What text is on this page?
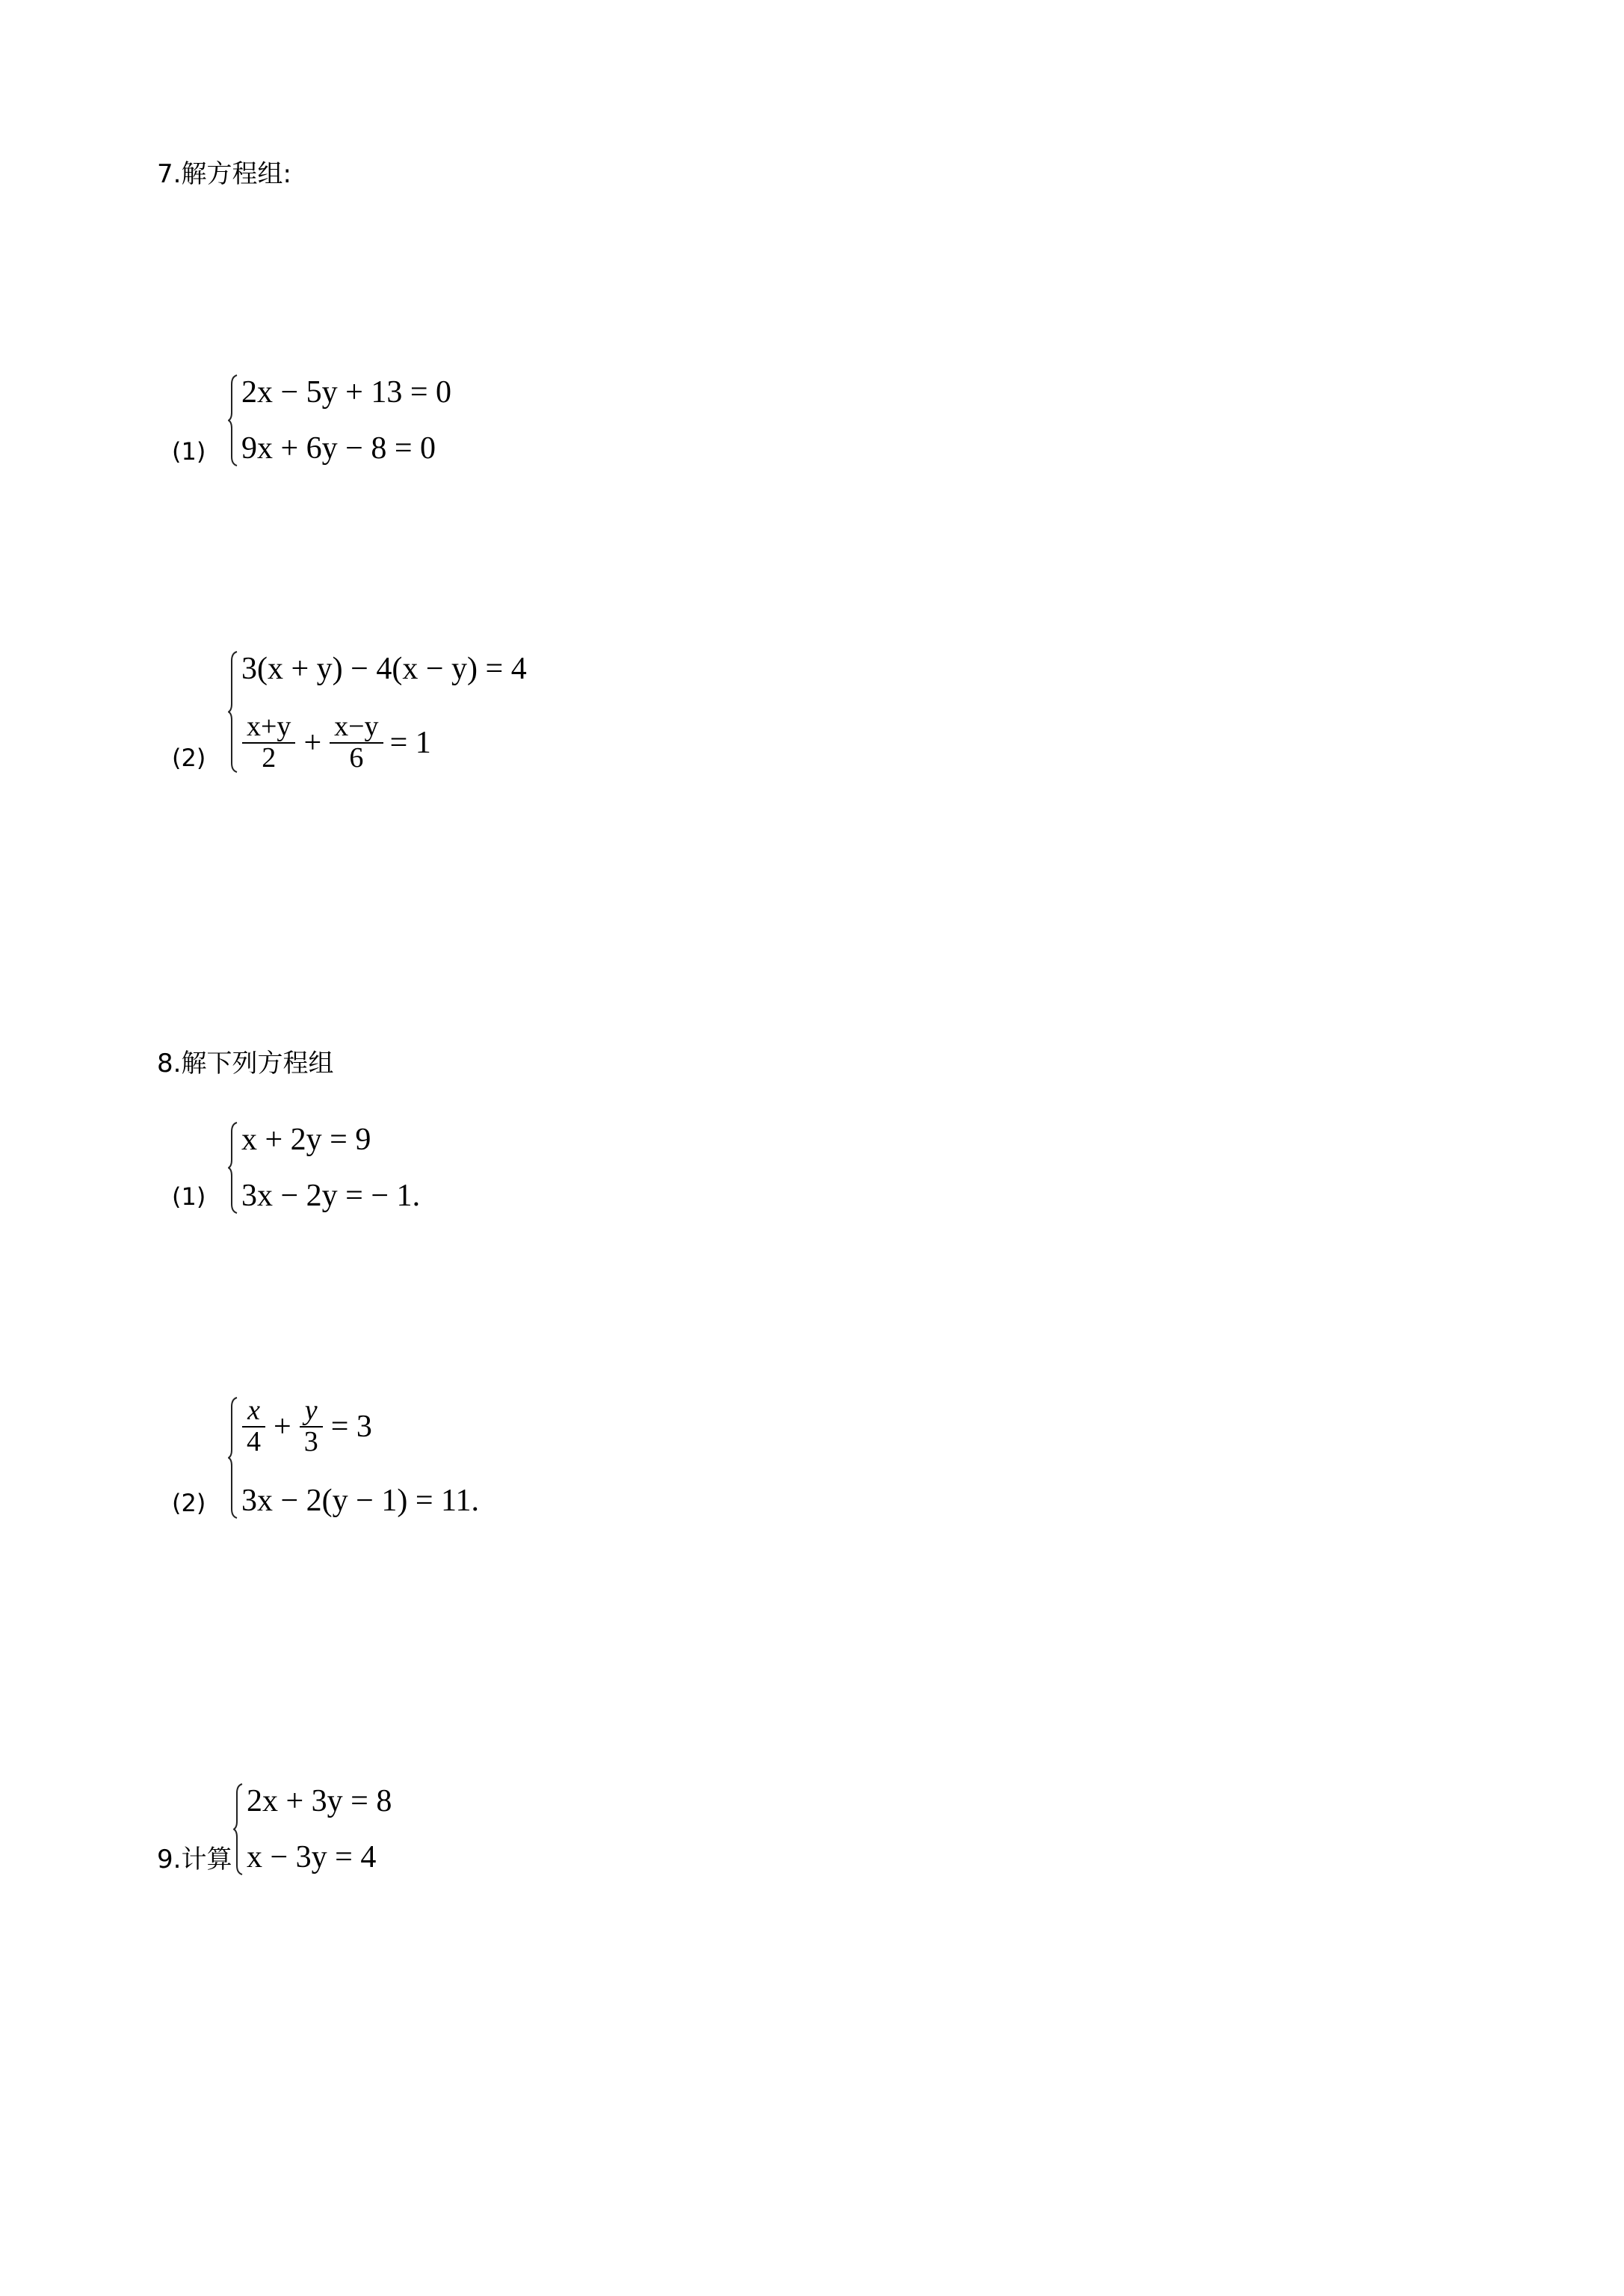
7.解方程组:
(1)
2x − 5y + 13 = 0
9x + 6y − 8 = 0
(2)
3(x + y) − 4(x − y) = 4
$\frac{x+y}{2} + \frac{x-y}{6} = 1$
8.解下列方程组
(1)
x + 2y = 9
3x − 2y = − 1 .
(2)
$\frac{x}{4} + \frac{y}{3} = 3$
3x − 2(y − 1) = 11 .
9.计算
2x + 3y = 8
x − 3y = 4
